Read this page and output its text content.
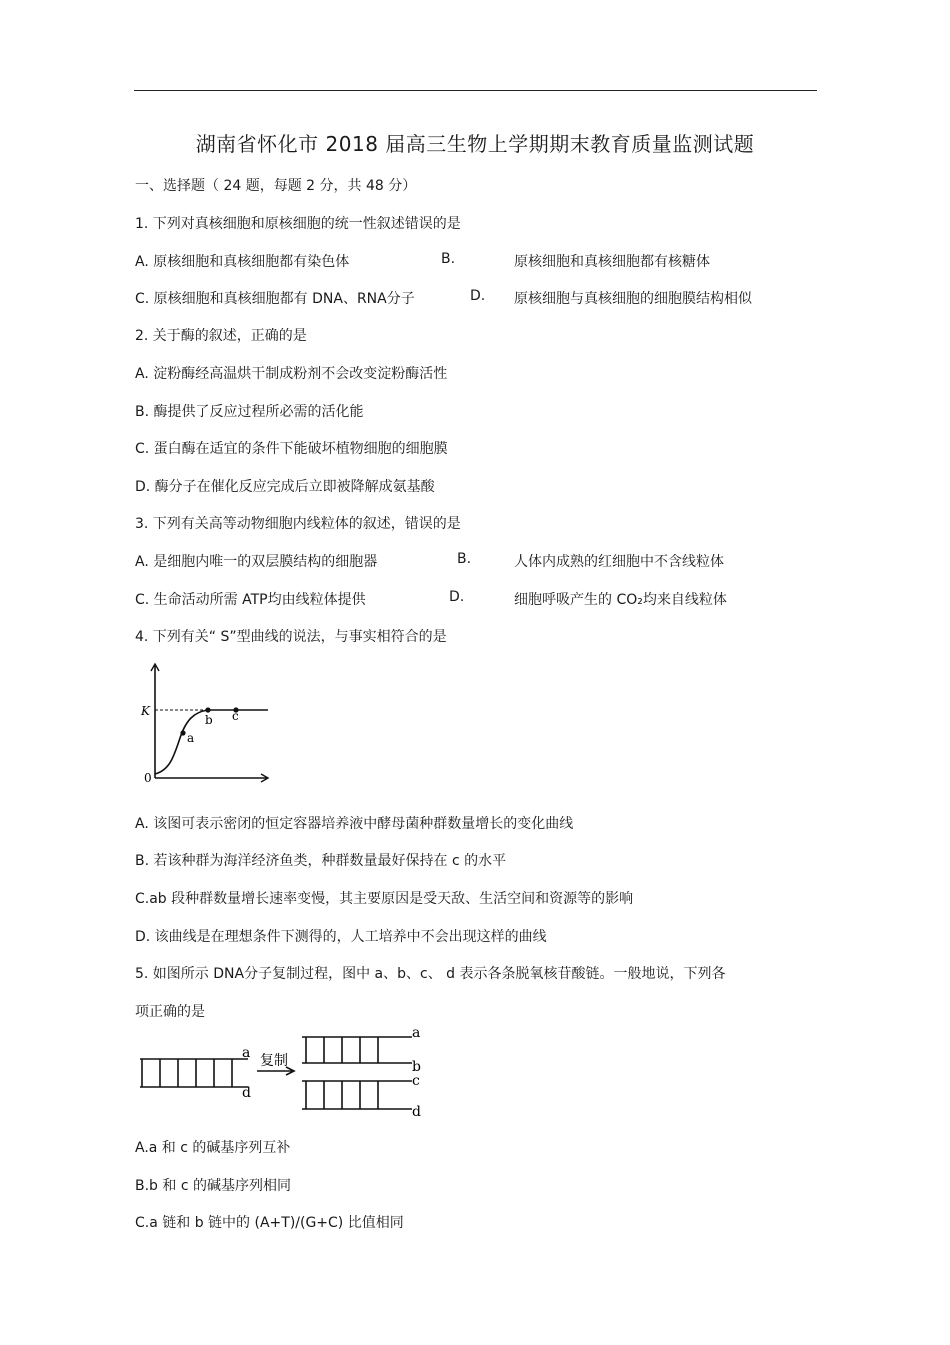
湖南省怀化市 2018 届高三生物上学期期末教育质量监测试题
一、选择题（ 24 题，每题 2 分，共 48 分）
1. 下列对真核细胞和原核细胞的统一性叙述错误的是
A. 原核细胞和真核细胞都有染色体	B.	原核细胞和真核细胞都有核糖体
C. 原核细胞和真核细胞都有 DNA、RNA分子	D. 原核细胞与真核细胞的细胞膜结构相似
2. 关于酶的叙述，正确的是
A. 淀粉酶经高温烘干制成粉剂不会改变淀粉酶活性
B. 酶提供了反应过程所必需的活化能
C. 蛋白酶在适宜的条件下能破坏植物细胞的细胞膜
D. 酶分子在催化反应完成后立即被降解成氨基酸
3. 下列有关高等动物细胞内线粒体的叙述，错误的是
A. 是细胞内唯一的双层膜结构的细胞器	B.	人体内成熟的红细胞中不含线粒体
C. 生命活动所需 ATP均由线粒体提供	D.	细胞呼吸产生的 CO₂均来自线粒体
4. 下列有关“ S”型曲线的说法，与事实相符合的是
K
0
a
b c
A. 该图可表示密闭的恒定容器培养液中酵母菌种群数量增长的变化曲线
B. 若该种群为海洋经济鱼类，种群数量最好保持在 c 的水平
C.ab 段种群数量增长速率变慢，其主要原因是受天敌、生活空间和资源等的影响
D. 该曲线是在理想条件下测得的，人工培养中不会出现这样的曲线
5. 如图所示 DNA分子复制过程，图中 a、b、c、 d 表示各条脱氧核苷酸链。一般地说，下列各
项正确的是
a
d
复制
a
b
c
d
A.a 和 c 的碱基序列互补
B.b 和 c 的碱基序列相同
C.a 链和 b 链中的 (A+T)/(G+C) 比值相同
